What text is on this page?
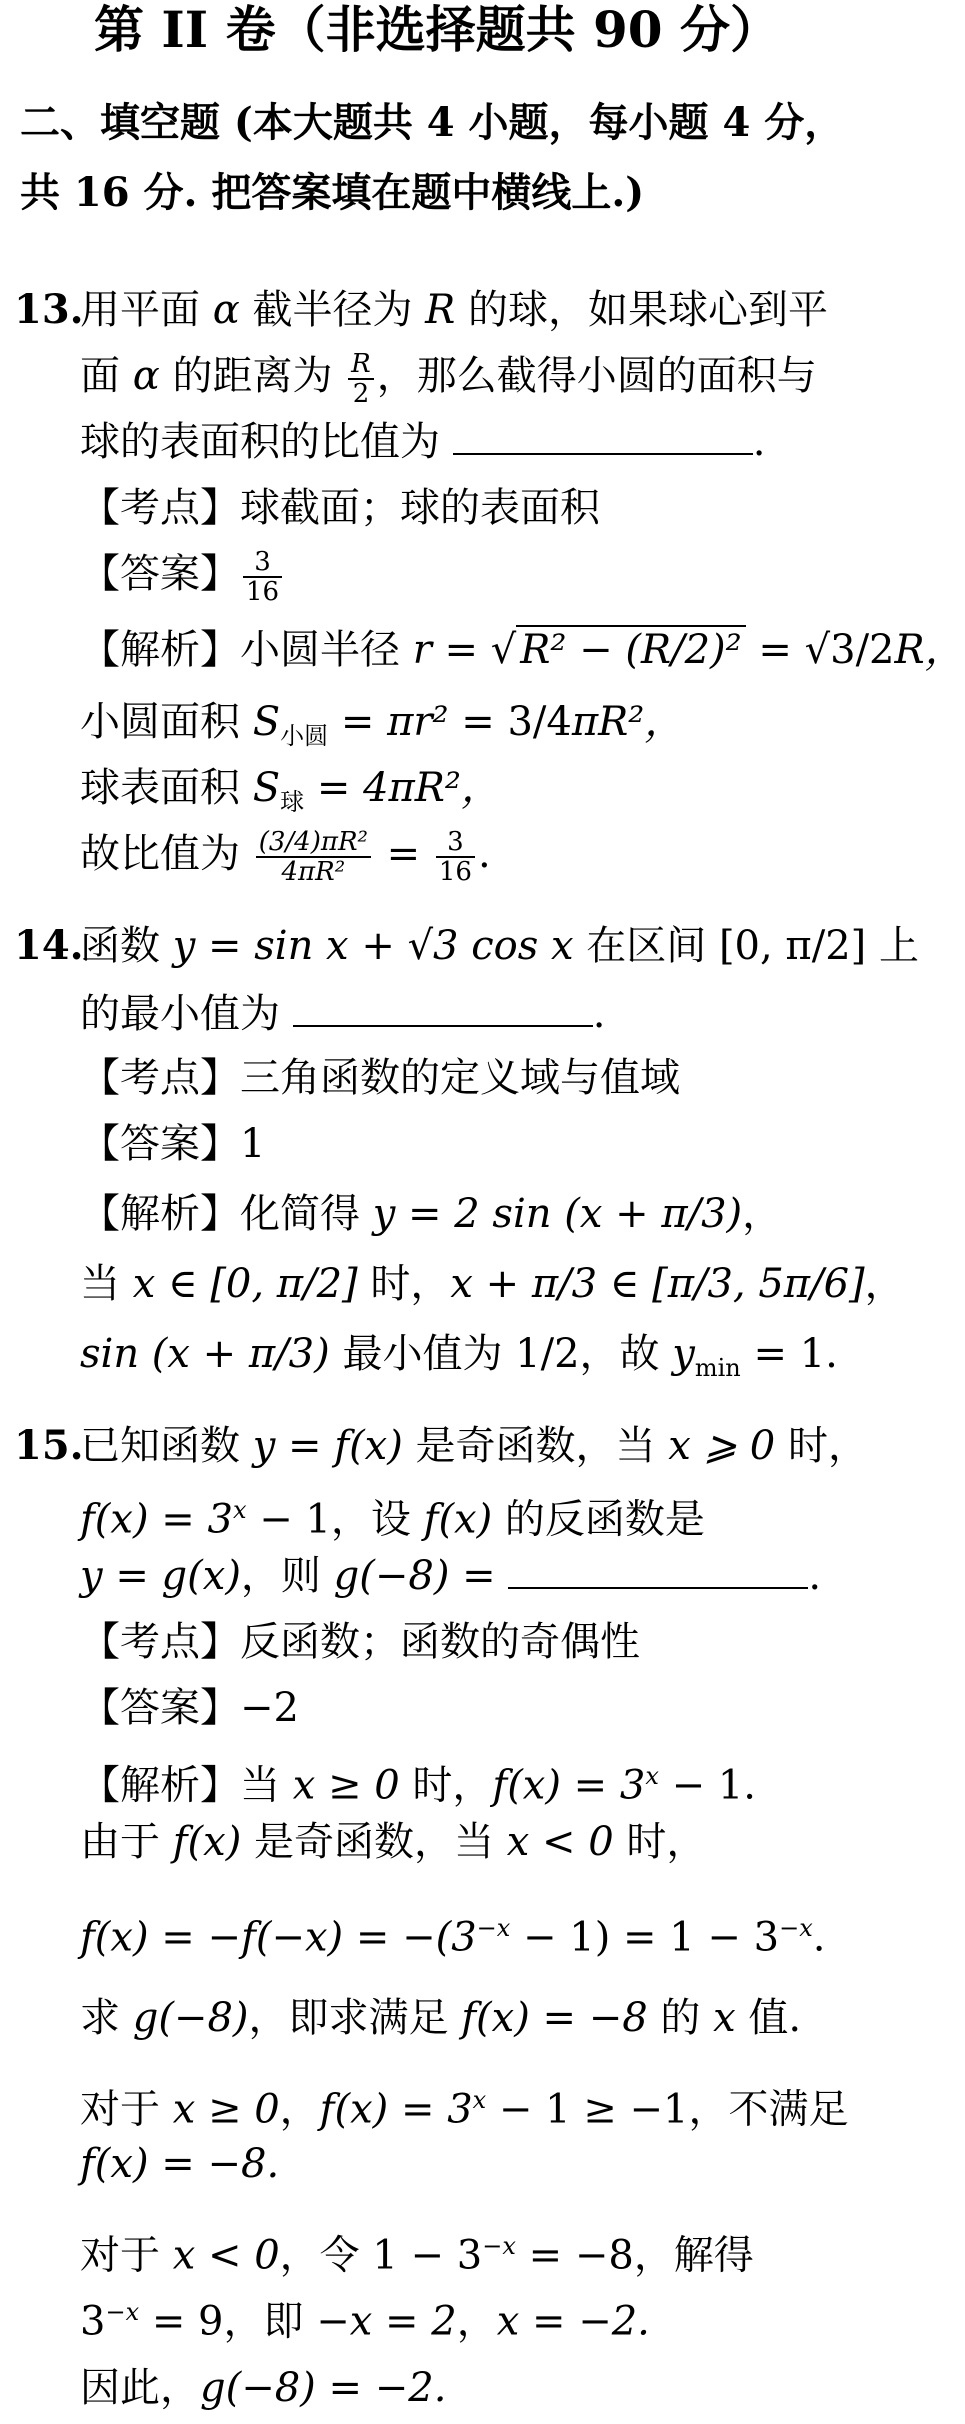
第 II 卷（非选择题共 90 分）
二、填空题 (本大题共 4 小题，每小题 4 分，
共 16 分. 把答案填在题中横线上.)
13.
用平面 α 截半径为 R 的球，如果球心到平
面 α 的距离为 $\frac{R}{2}$ ，那么截得小圆的面积与
球的表面积的比值为	.
【考点】球截面；球的表面积
【答案】 $\frac{3}{16}$
【解析】小圆半径 r = √ R² − (R/2)² = √3/2R，
小圆面积 $S_{小圆} = \pi r^2 = 3/4\pi R^2$，
球表面积 $S_球 = 4\pi R^2$，
故比值为 $\frac{\text{(3/4)πR²}}{\text{4πR²}} = \frac{3}{16}$ .
14.
函数 y = sin x + √3 cos x 在区间 [0, π/2] 上
的最小值为	.
【考点】三角函数的定义域与值域
【答案】1
【解析】化简得 y = 2 sin (x + π/3)，
当 x ∈ [0, π/2] 时，x + π/3 ∈ [π/3, 5π/6]，
sin (x + π/3) 最小值为 1/2，故 $y_{min} = 1$.
15.
已知函数 y = f(x) 是奇函数，当 x ⩾ 0 时，
$f(x) = 3^x - 1$，设 f(x) 的反函数是
y = g(x)，则 g(−8) =	.
【考点】反函数；函数的奇偶性
【答案】−2
【解析】当 x ≥ 0 时，$f(x) = 3^x - 1$.
由于 f(x) 是奇函数，当 x < 0 时，
$f(x) = -f(-x) = -(3^{-x} - 1) = 1 - 3^{-x}$.
求 g(−8)，即求满足 f(x) = −8 的 x 值.
对于 x ≥ 0，$f(x) = 3^x - 1 \ge -1$，不满足
f(x) = −8.
对于 x < 0，令 $1 - 3^{-x} = -8$，解得
$3^{-x} = 9$，即 −x = 2，x = −2.
因此，g(−8) = −2.
